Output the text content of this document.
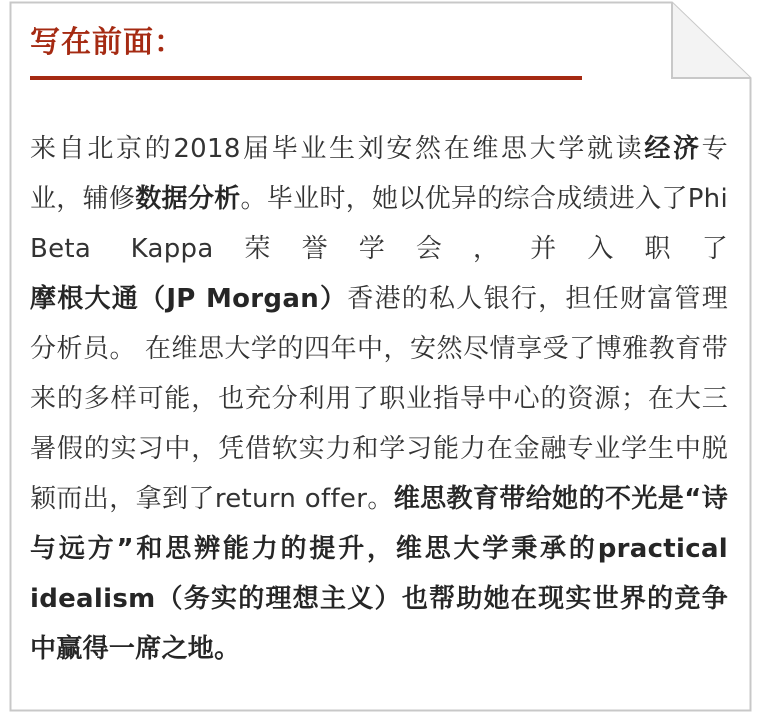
写在前面：
来自北京的2018届毕业生刘安然在维思大学就读经济专业，辅修数据分析。毕业时，她以优异的综合成绩进入了Phi Beta Kappa荣誉学会，并入职了摩根大通（JP Morgan）香港的私人银行，担任财富管理分析员。 在维思大学的四年中，安然尽情享受了博雅教育带来的多样可能，也充分利用了职业指导中心的资源；在大三暑假的实习中，凭借软实力和学习能力在金融专业学生中脱颖而出，拿到了return offer。维思教育带给她的不光是“诗与远方”和思辨能力的提升，维思大学秉承的practical idealism（务实的理想主义）也帮助她在现实世界的竞争中赢得一席之地。
